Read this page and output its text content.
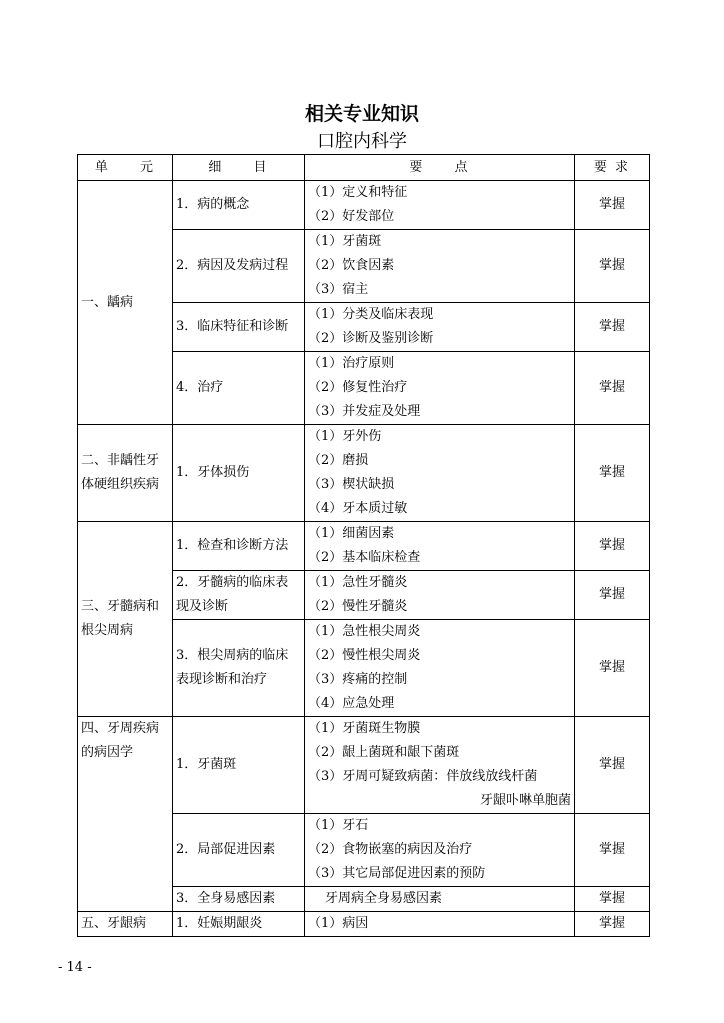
相关专业知识
口腔内科学
单 元	细 目	要 点	要 求
一、龋病	1．病的概念	（1）定义和特征
（2）好发部位	掌握
	2．病因及发病过程	（1）牙菌斑
（2）饮食因素
（3）宿主	掌握
	3．临床特征和诊断	（1）分类及临床表现
（2）诊断及鉴别诊断	掌握
	4．治疗	（1）治疗原则
（2）修复性治疗
（3）并发症及处理	掌握
二、非龋性牙体硬组织疾病	1．牙体损伤	（1）牙外伤
（2）磨损
（3）楔状缺损
（4）牙本质过敏	掌握
三、牙髓病和根尖周病	1．检查和诊断方法	（1）细菌因素
（2）基本临床检查	掌握
	2．牙髓病的临床表现及诊断	（1）急性牙髓炎
（2）慢性牙髓炎	掌握
	3．根尖周病的临床表现诊断和治疗	（1）急性根尖周炎
（2）慢性根尖周炎
（3）疼痛的控制
（4）应急处理	掌握
四、牙周疾病的病因学	1．牙菌斑	（1）牙菌斑生物膜
（2）龈上菌斑和龈下菌斑
（3）牙周可疑致病菌：伴放线放线杆菌
牙龈卟啉单胞菌	掌握
	2．局部促进因素	（1）牙石
（2）食物嵌塞的病因及治疗
（3）其它局部促进因素的预防	掌握
	3．全身易感因素	牙周病全身易感因素	掌握
五、牙龈病	1．妊娠期龈炎	（1）病因	掌握
- 14 -
